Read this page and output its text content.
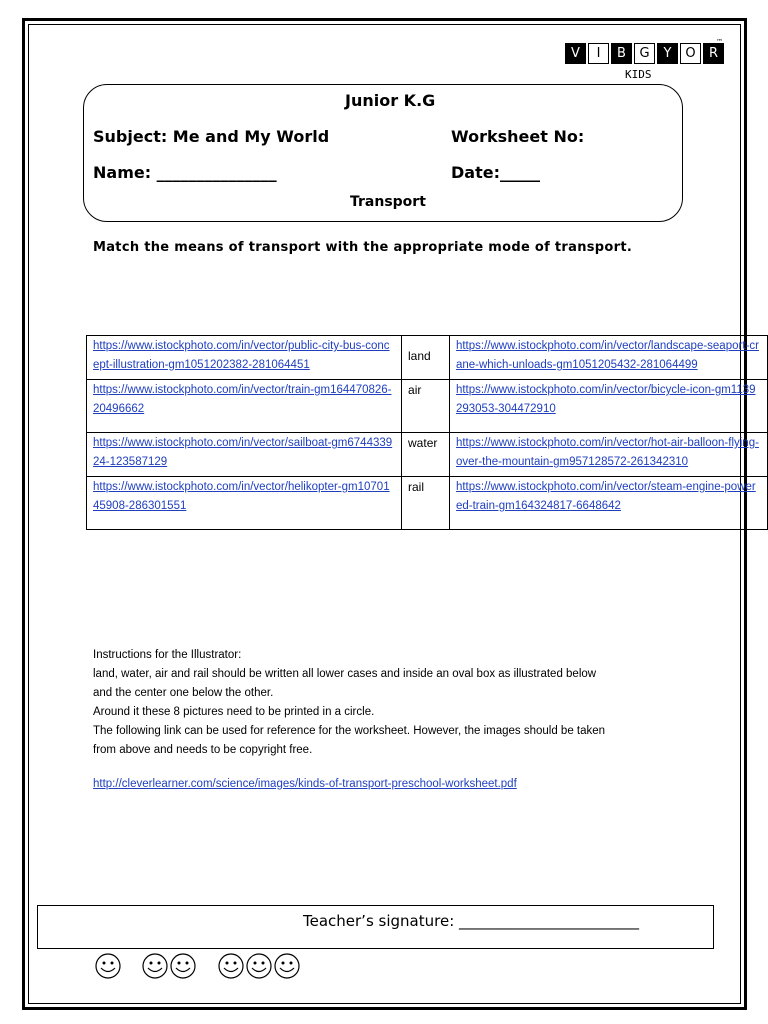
V	I	B	G	Y	O	R
™
KIDS
Junior K.G
Subject: Me and My World	Worksheet No:
Name: _______________	Date:_____
Transport
Match the means of transport with the appropriate mode of transport.
https://www.istockphoto.com/in/vector/public-city-bus-concept-illustration-gm1051202382-281064451	land	https://www.istockphoto.com/in/vector/landscape-seaport-crane-which-unloads-gm1051205432-281064499
https://www.istockphoto.com/in/vector/train-gm164470826-20496662	air	https://www.istockphoto.com/in/vector/bicycle-icon-gm1139293053-304472910
https://www.istockphoto.com/in/vector/sailboat-gm674433924-123587129	water	https://www.istockphoto.com/in/vector/hot-air-balloon-flying-over-the-mountain-gm957128572-261342310
https://www.istockphoto.com/in/vector/helikopter-gm1070145908-286301551	rail	https://www.istockphoto.com/in/vector/steam-engine-powered-train-gm164324817-6648642

Instructions for the Illustrator:

land, water, air and rail should be written all lower cases and inside an oval box as illustrated below

and the center one below the other.

Around it these 8 pictures need to be printed in a circle.

The following link can be used for reference for the worksheet. However, the images should be taken

from above and needs to be copyright free.

http://cleverlearner.com/science/images/kinds-of-transport-preschool-worksheet.pdf
Teacher’s signature: ________________________
